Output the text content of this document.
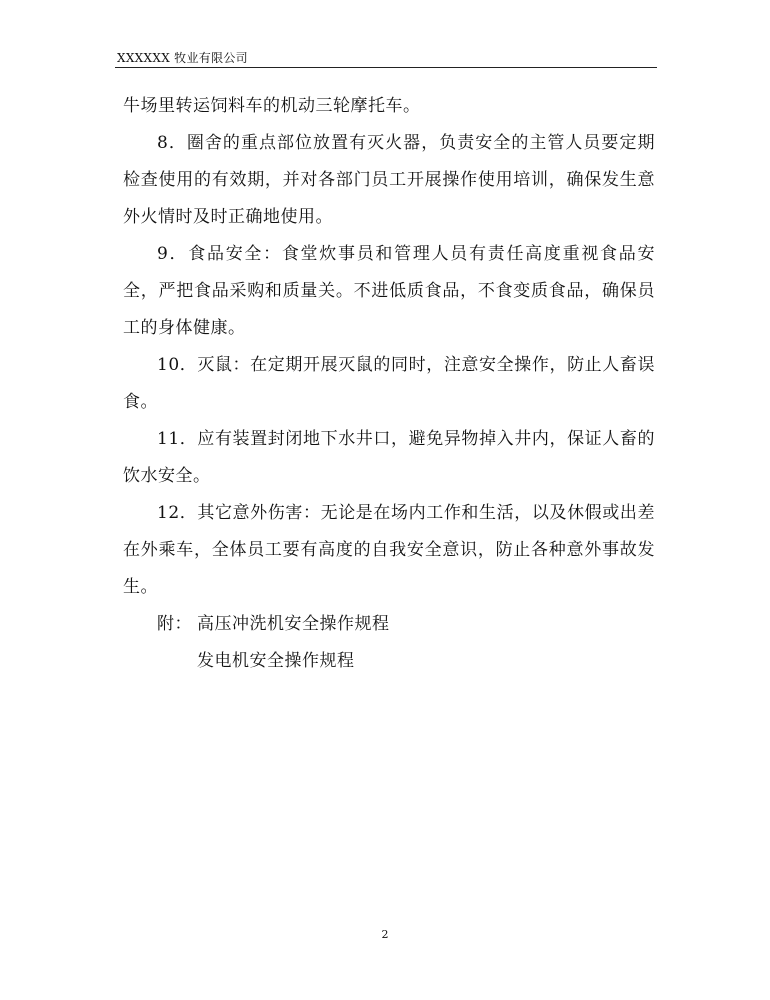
XXXXXX 牧业有限公司

牛场里转运饲料车的机动三轮摩托车。

8．圈舍的重点部位放置有灭火器，负责安全的主管人员要定期检查使用的有效期，并对各部门员工开展操作使用培训，确保发生意外火情时及时正确地使用。

9．食品安全：食堂炊事员和管理人员有责任高度重视食品安全，严把食品采购和质量关。不进低质食品，不食变质食品，确保员工的身体健康。

10．灭鼠：在定期开展灭鼠的同时，注意安全操作，防止人畜误食。

11．应有装置封闭地下水井口，避免异物掉入井内，保证人畜的饮水安全。

12．其它意外伤害：无论是在场内工作和生活，以及休假或出差在外乘车，全体员工要有高度的自我安全意识，防止各种意外事故发生。

附： 高压冲洗机安全操作规程
发电机安全操作规程
2
